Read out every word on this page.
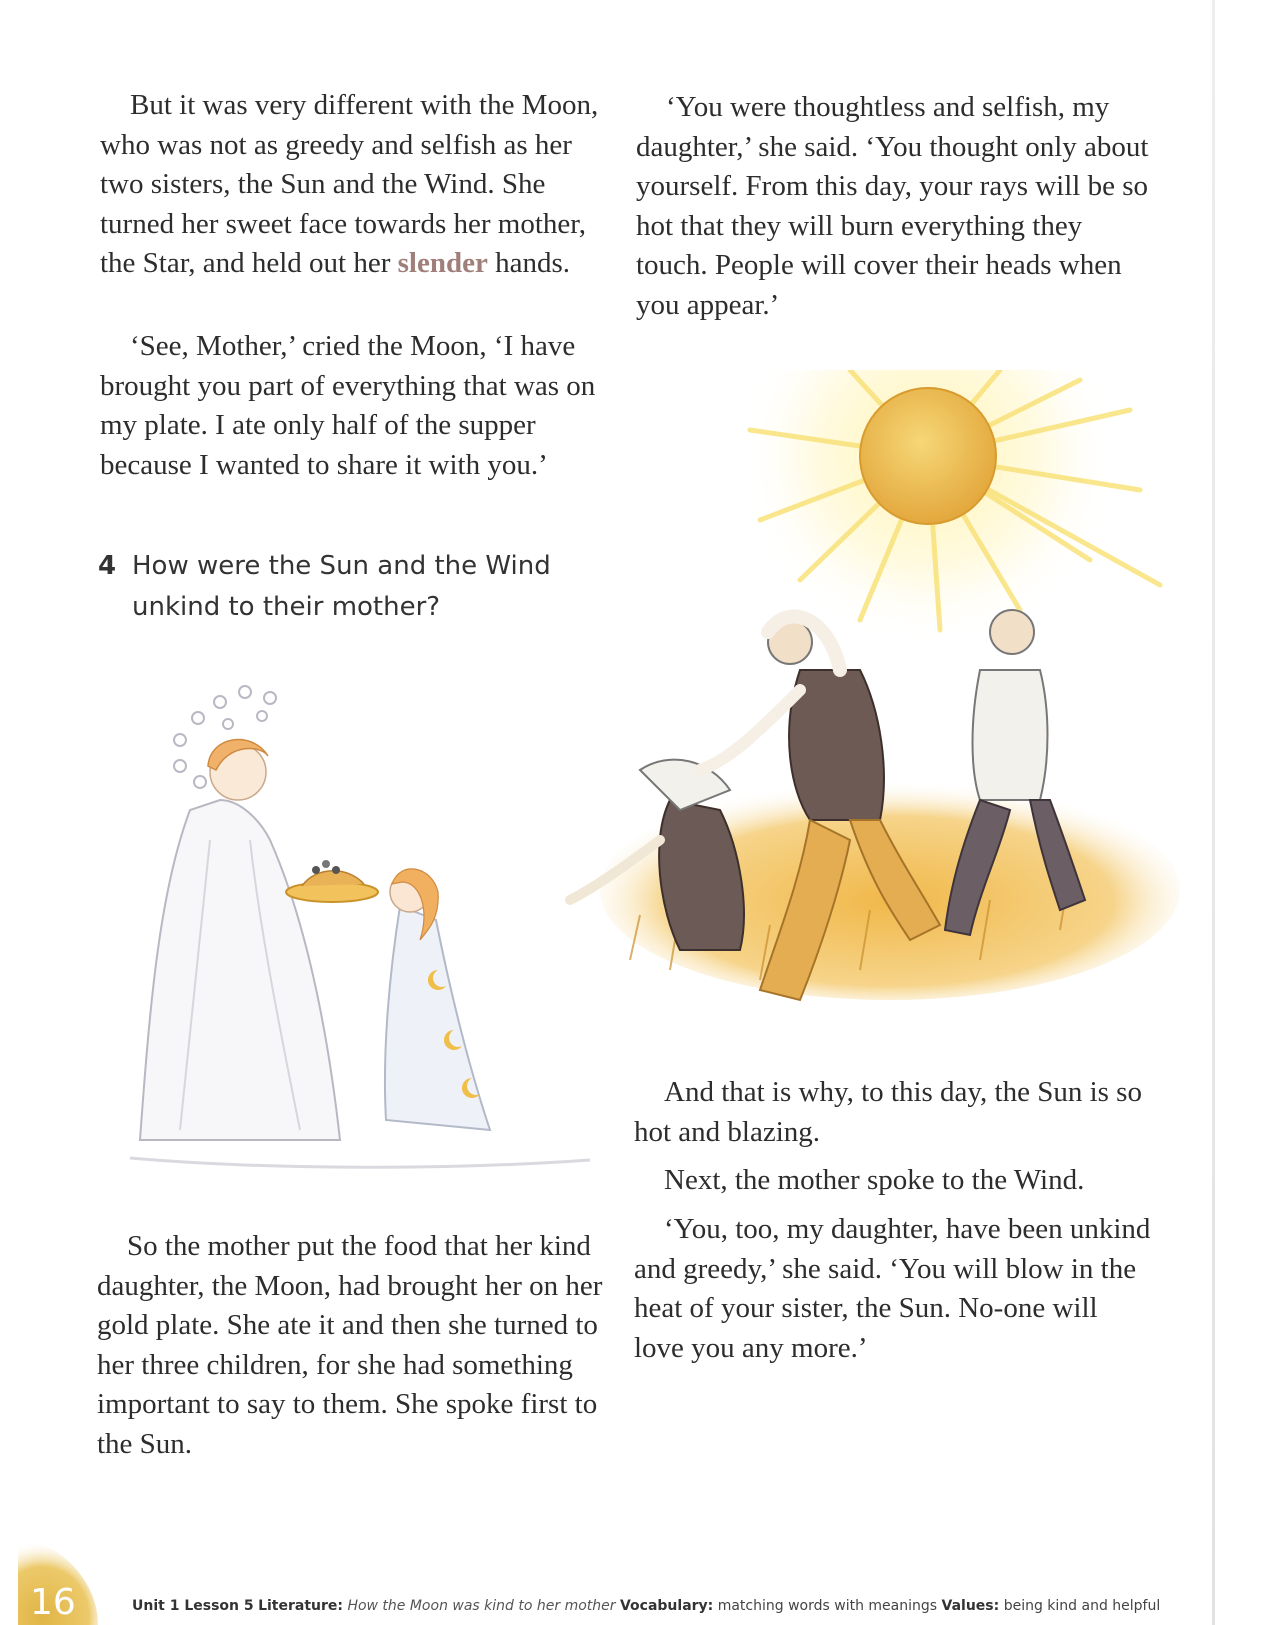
But it was very different with the Moon, who was not as greedy and selfish as her two sisters, the Sun and the Wind. She turned her sweet face towards her mother, the Star, and held out her slender hands.

‘See, Mother,’ cried the Moon, ‘I have brought you part of everything that was on my plate. I ate only half of the supper because I wanted to share it with you.’

4 How were the Sun and the Wind unkind to their mother?

So the mother put the food that her kind daughter, the Moon, had brought her on her gold plate. She ate it and then she turned to her three children, for she had something important to say to them. She spoke first to the Sun.

‘You were thoughtless and selfish, my daughter,’ she said. ‘You thought only about yourself. From this day, your rays will be so hot that they will burn everything they touch. People will cover their heads when you appear.’

And that is why, to this day, the Sun is so hot and blazing.

Next, the mother spoke to the Wind.

‘You, too, my daughter, have been unkind and greedy,’ she said. ‘You will blow in the heat of your sister, the Sun. No-one will love you any more.’

16	Unit 1 Lesson 5 Literature: How the Moon was kind to her mother Vocabulary: matching words with meanings Values: being kind and helpful
